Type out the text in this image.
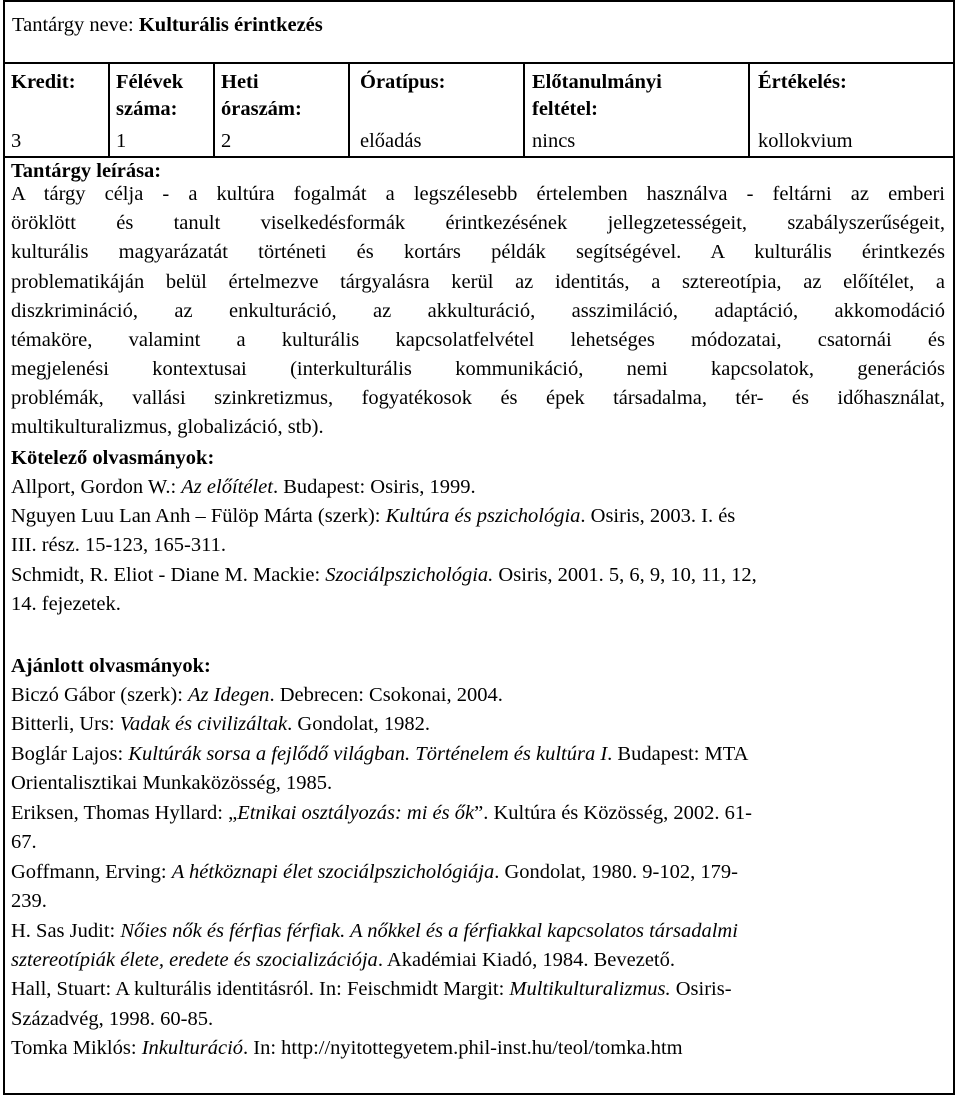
Tantárgy neve: Kulturális érintkezés
Kredit:
3
Félévek
száma:
1
Heti
óraszám:
2
Óratípus:
előadás
Előtanulmányi
feltétel:
nincs
Értékelés:
kollokvium
Tantárgy leírása:
A tárgy célja - a kultúra fogalmát a legszélesebb értelemben használva - feltárni az emberi
öröklött és tanult viselkedésformák érintkezésének jellegzetességeit, szabályszerűségeit,
kulturális magyarázatát történeti és kortárs példák segítségével. A kulturális érintkezés
problematikáján belül értelmezve tárgyalásra kerül az identitás, a sztereotípia, az előítélet, a
diszkrimináció, az enkulturáció, az akkulturáció, asszimiláció, adaptáció, akkomodáció
témaköre, valamint a kulturális kapcsolatfelvétel lehetséges módozatai, csatornái és
megjelenési kontextusai (interkulturális kommunikáció, nemi kapcsolatok, generációs
problémák, vallási szinkretizmus, fogyatékosok és épek társadalma, tér- és időhasználat,
multikulturalizmus, globalizáció, stb).
Kötelező olvasmányok:
Allport, Gordon W.: Az előítélet. Budapest: Osiris, 1999.
Nguyen Luu Lan Anh – Fülöp Márta (szerk): Kultúra és pszichológia. Osiris, 2003. I. és
III. rész. 15-123, 165-311.
Schmidt, R. Eliot - Diane M. Mackie: Szociálpszichológia. Osiris, 2001. 5, 6, 9, 10, 11, 12,
14. fejezetek.
Ajánlott olvasmányok:
Biczó Gábor (szerk): Az Idegen. Debrecen: Csokonai, 2004.
Bitterli, Urs: Vadak és civilizáltak. Gondolat, 1982.
Boglár Lajos: Kultúrák sorsa a fejlődő világban. Történelem és kultúra I. Budapest: MTA
Orientalisztikai Munkaközösség, 1985.
Eriksen, Thomas Hyllard: „Etnikai osztályozás: mi és ők”. Kultúra és Közösség, 2002. 61-
67.
Goffmann, Erving: A hétköznapi élet szociálpszichológiája. Gondolat, 1980. 9-102, 179-
239.
H. Sas Judit: Nőies nők és férfias férfiak. A nőkkel és a férfiakkal kapcsolatos társadalmi
sztereotípiák élete, eredete és szocializációja. Akadémiai Kiadó, 1984. Bevezető.
Hall, Stuart: A kulturális identitásról. In: Feischmidt Margit: Multikulturalizmus. Osiris-
Századvég, 1998. 60-85.
Tomka Miklós: Inkulturáció. In: http://nyitottegyetem.phil-inst.hu/teol/tomka.htm
